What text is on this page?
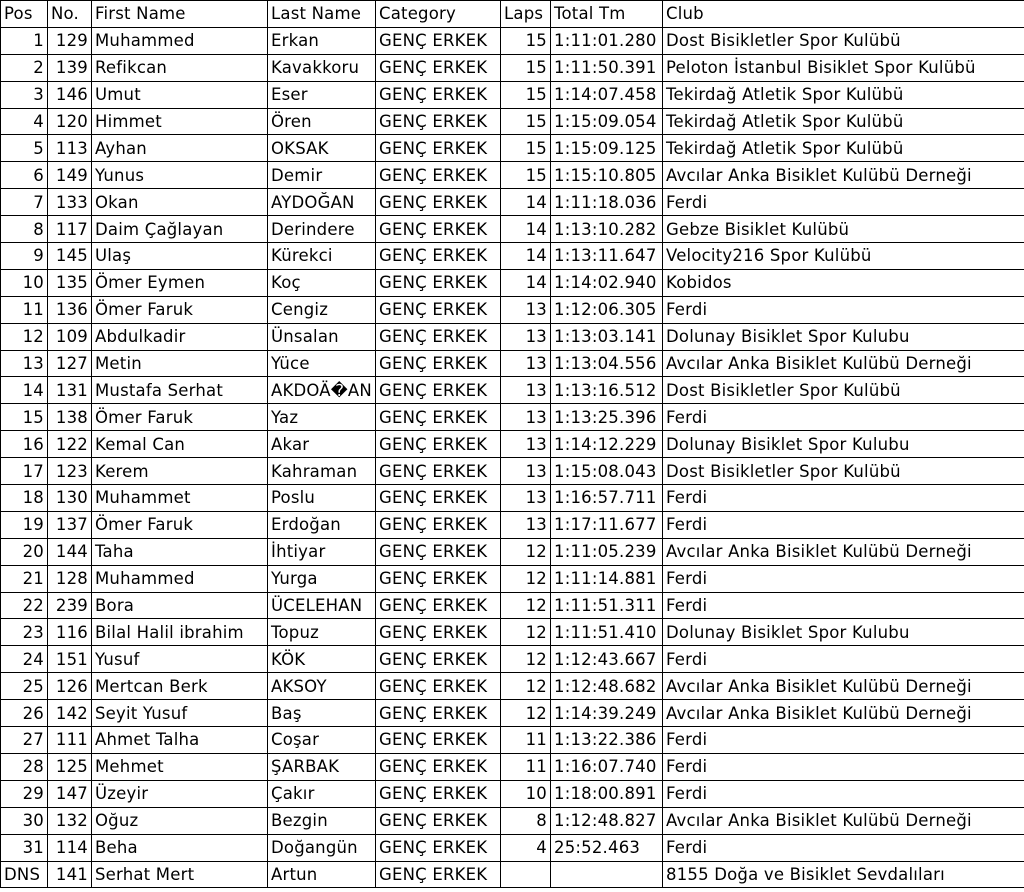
Pos	No.	First Name	Last Name	Category	Laps	Total Tm	Club
1	129	Muhammed	Erkan	GENÇ ERKEK	15	1:11:01.280	Dost Bisikletler Spor Kulübü
2	139	Refikcan	Kavakkoru	GENÇ ERKEK	15	1:11:50.391	Peloton İstanbul Bisiklet Spor Kulübü
3	146	Umut	Eser	GENÇ ERKEK	15	1:14:07.458	Tekirdağ Atletik Spor Kulübü
4	120	Himmet	Ören	GENÇ ERKEK	15	1:15:09.054	Tekirdağ Atletik Spor Kulübü
5	113	Ayhan	OKSAK	GENÇ ERKEK	15	1:15:09.125	Tekirdağ Atletik Spor Kulübü
6	149	Yunus	Demir	GENÇ ERKEK	15	1:15:10.805	Avcılar Anka Bisiklet Kulübü Derneği
7	133	Okan	AYDOĞAN	GENÇ ERKEK	14	1:11:18.036	Ferdi
8	117	Daim Çağlayan	Derindere	GENÇ ERKEK	14	1:13:10.282	Gebze Bisiklet Kulübü
9	145	Ulaş	Kürekci	GENÇ ERKEK	14	1:13:11.647	Velocity216 Spor Kulübü
10	135	Ömer Eymen	Koç	GENÇ ERKEK	14	1:14:02.940	Kobidos
11	136	Ömer Faruk	Cengiz	GENÇ ERKEK	13	1:12:06.305	Ferdi
12	109	Abdulkadir	Ünsalan	GENÇ ERKEK	13	1:13:03.141	Dolunay Bisiklet Spor Kulubu
13	127	Metin	Yüce	GENÇ ERKEK	13	1:13:04.556	Avcılar Anka Bisiklet Kulübü Derneği
14	131	Mustafa Serhat	AKDOÄ�AN	GENÇ ERKEK	13	1:13:16.512	Dost Bisikletler Spor Kulübü
15	138	Ömer Faruk	Yaz	GENÇ ERKEK	13	1:13:25.396	Ferdi
16	122	Kemal Can	Akar	GENÇ ERKEK	13	1:14:12.229	Dolunay Bisiklet Spor Kulubu
17	123	Kerem	Kahraman	GENÇ ERKEK	13	1:15:08.043	Dost Bisikletler Spor Kulübü
18	130	Muhammet	Poslu	GENÇ ERKEK	13	1:16:57.711	Ferdi
19	137	Ömer Faruk	Erdoğan	GENÇ ERKEK	13	1:17:11.677	Ferdi
20	144	Taha	İhtiyar	GENÇ ERKEK	12	1:11:05.239	Avcılar Anka Bisiklet Kulübü Derneği
21	128	Muhammed	Yurga	GENÇ ERKEK	12	1:11:14.881	Ferdi
22	239	Bora	ÜCELEHAN	GENÇ ERKEK	12	1:11:51.311	Ferdi
23	116	Bilal Halil ibrahim	Topuz	GENÇ ERKEK	12	1:11:51.410	Dolunay Bisiklet Spor Kulubu
24	151	Yusuf	KÖK	GENÇ ERKEK	12	1:12:43.667	Ferdi
25	126	Mertcan Berk	AKSOY	GENÇ ERKEK	12	1:12:48.682	Avcılar Anka Bisiklet Kulübü Derneği
26	142	Seyit Yusuf	Baş	GENÇ ERKEK	12	1:14:39.249	Avcılar Anka Bisiklet Kulübü Derneği
27	111	Ahmet Talha	Coşar	GENÇ ERKEK	11	1:13:22.386	Ferdi
28	125	Mehmet	ŞARBAK	GENÇ ERKEK	11	1:16:07.740	Ferdi
29	147	Üzeyir	Çakır	GENÇ ERKEK	10	1:18:00.891	Ferdi
30	132	Oğuz	Bezgin	GENÇ ERKEK	8	1:12:48.827	Avcılar Anka Bisiklet Kulübü Derneği
31	114	Beha	Doğangün	GENÇ ERKEK	4	25:52.463	Ferdi
DNS	141	Serhat Mert	Artun	GENÇ ERKEK			8155 Doğa ve Bisiklet Sevdalıları
